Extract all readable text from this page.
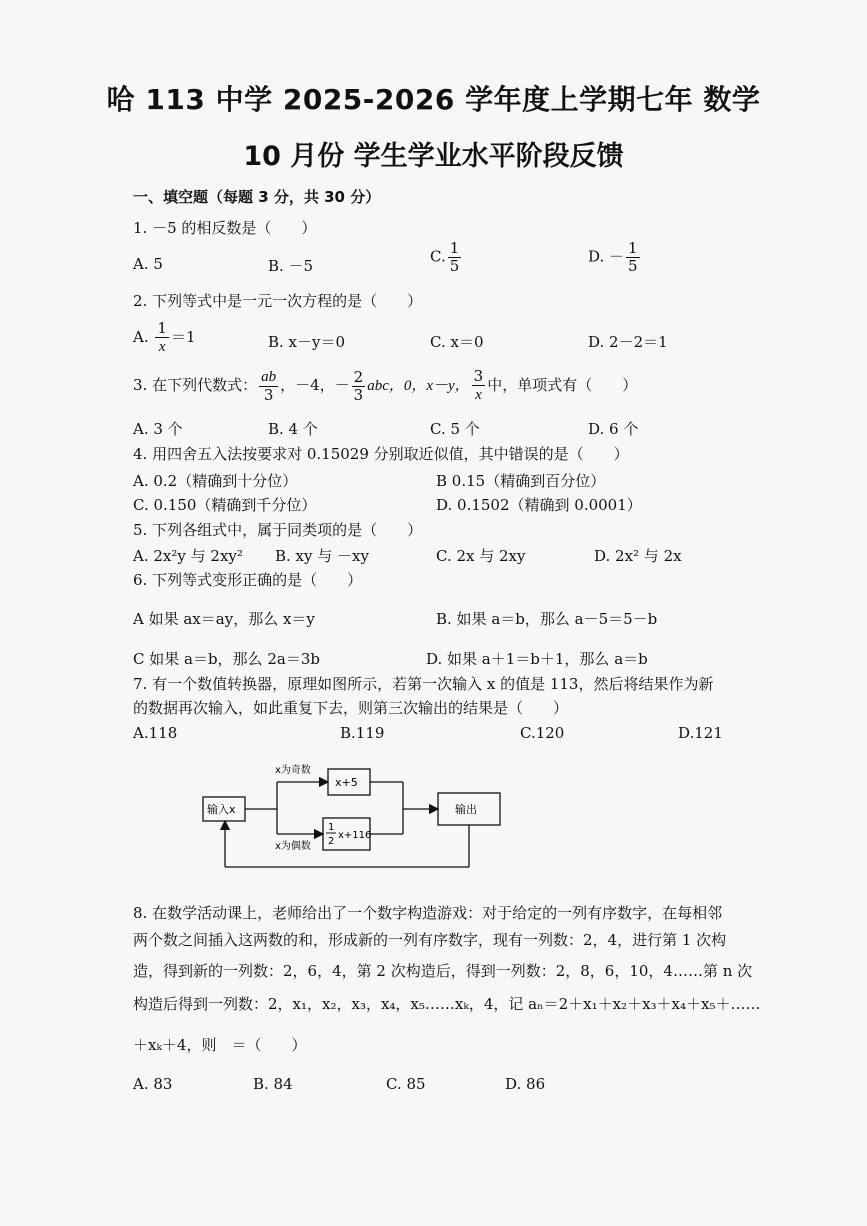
哈 113 中学 2025-2026 学年度上学期七年 数学
10 月份 学生学业水平阶段反馈
一、填空题（每题 3 分，共 30 分）
1. －5 的相反数是（　　）
A. 5	B. －5
C. $\frac{1}{5}$	D. － $\frac{1}{5}$
2. 下列等式中是一元一次方程的是（　　）
A. $\frac{1}{x} =1$	B. x－y＝0	C. x＝0	D. 2－2＝1
3. 在下列代数式： $\frac{ab}{3}$ ，－4，－ $\frac{2}{3}$ abc，0，x－y， $\frac{3}{x}$ 中，单项式有（　　）
A. 3 个	B. 4 个	C. 5 个	D. 6 个
4. 用四舍五入法按要求对 0.15029 分别取近似值，其中错误的是（　　）
A. 0.2（精确到十分位）	B 0.15（精确到百分位）
C. 0.150（精确到千分位）	D. 0.1502（精确到 0.0001）
5. 下列各组式中，属于同类项的是（　　）
A. 2x²y 与 2xy² B. xy 与 －xy	C. 2x 与 2xy	D. 2x² 与 2x
6. 下列等式变形正确的是（　　）
A 如果 ax＝ay，那么 x＝y	B. 如果 a＝b，那么 a－5＝5－b
C 如果 a＝b，那么 2a＝3b	D. 如果 a＋1＝b＋1，那么 a＝b
7. 有一个数值转换器，原理如图所示，若第一次输入 x 的值是 113，然后将结果作为新
的数据再次输入，如此重复下去，则第三次输出的结果是（　　）
A.118	B.119	C.120	D.121
输入x
x为奇数
x+5
x为偶数
1
2
x+116
输出
8. 在数学活动课上，老师给出了一个数字构造游戏：对于给定的一列有序数字，在每相邻
两个数之间插入这两数的和，形成新的一列有序数字，现有一列数：2，4，进行第 1 次构
造，得到新的一列数：2，6，4，第 2 次构造后，得到一列数：2，8，6，10，4……第 n 次
构造后得到一列数：2，x₁，x₂，x₃，x₄，x₅……xₖ，4，记 aₙ＝2＋x₁＋x₂＋x₃＋x₄＋x₅＋……
＋xₖ＋4，则　＝（　　）
A. 83	B. 84	C. 85	D. 86
